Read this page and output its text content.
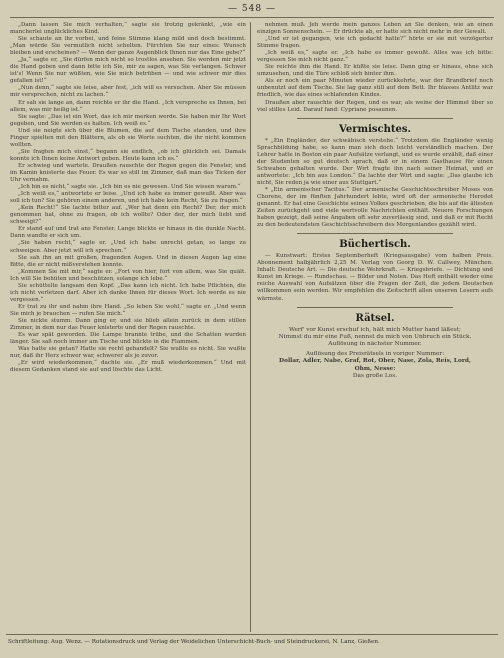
— 548 —

„Dann lassen Sie mich verhalten,“ sagte sie trotzig gekränkt, „wie ein mancherlei unglückliches Kind.

Sie schaute an ihr vorbei, und feine Stimme klang mild und doch bestimmt. „Man würde Sie vermutlich nicht schelten. Fürchten Sie nur eines: Wunsch bleiben und erscheinen? — Wenn der ganze Augenblick Ihnen nur das Eine gebe?“

„Ja,“ sagte er, „Sie dürfen mich nicht so trostlos ansehen. Sie werden mir jetzt die Hand geben und dann bitte ich Sie, mir zu sagen, was Sie verlangen. Schwer ist's! Wenn Sie nur wüßten, wie Sie mich betrüben — und wie schwer mir dies gefallen ist!“

„Nun denn,“ sagte sie leise, aber fest, „ich will es versuchen. Aber Sie müssen mir versprechen, nicht zu lachen.“

Er sah sie lange an, dann reichte er ihr die Hand. „Ich verspreche es Ihnen, bei allem, was mir heilig ist.“

Sie sagte: „Das ist ein Wort, das ich mir merken werde. Sie haben mir Ihr Wort gegeben, und Sie werden es halten. Ich weiß es.“

Und sie neigte sich über die Blumen, die auf dem Tische standen, und ihre Finger spielten mit den Blättern, als ob sie Worte suchten, die ihr nicht kommen wollten.

„Sie fragten mich einst,“ begann sie endlich, „ob ich glücklich sei. Damals konnte ich Ihnen keine Antwort geben. Heute kann ich es.“

Er schwieg und wartete. Draußen rauschte der Regen gegen die Fenster, und im Kamin knisterte das Feuer. Es war so still im Zimmer, daß man das Ticken der Uhr vernahm.

„Ich bin es nicht,“ sagte sie. „Ich bin es nie gewesen. Und Sie wissen warum.“

„Ich weiß es,“ antwortete er leise. „Und ich habe es immer gewußt. Aber was soll ich tun? Sie gehören einem anderen, und ich habe kein Recht, Sie zu fragen.“

„Kein Recht!“ Sie lachte bitter auf. „Wer hat denn ein Recht? Der, der mich genommen hat, ohne zu fragen, ob ich wollte? Oder der, der mich liebt und schweigt?“

Er stand auf und trat ans Fenster. Lange blickte er hinaus in die dunkle Nacht. Dann wandte er sich um.

„Sie haben recht,“ sagte er. „Und ich habe unrecht getan, so lange zu schweigen. Aber jetzt will ich sprechen.“

Sie sah ihn an mit großen, fragenden Augen. Und in diesen Augen lag eine Bitte, die er nicht mißverstehen konnte.

„Kommen Sie mit mir,“ sagte er. „Fort von hier, fort von allem, was Sie quält. Ich will Sie behüten und beschützen, solange ich lebe.“

Sie schüttelte langsam den Kopf. „Das kann ich nicht. Ich habe Pflichten, die ich nicht verletzen darf. Aber ich danke Ihnen für dieses Wort. Ich werde es nie vergessen.“

Er trat zu ihr und nahm ihre Hand. „So leben Sie wohl,“ sagte er. „Und wenn Sie mich je brauchen — rufen Sie mich.“

Sie nickte stumm. Dann ging er, und sie blieb allein zurück in dem stillen Zimmer, in dem nur das Feuer knisterte und der Regen rauschte.

Es war spät geworden. Die Lampe brannte trübe, und die Schatten wurden länger. Sie saß noch immer am Tische und blickte in die Flammen.

Was hatte sie getan? Hatte sie recht gehandelt? Sie wußte es nicht. Sie wußte nur, daß ihr Herz schwer war, schwerer als je zuvor.

„Er wird wiederkommen,“ dachte sie. „Er muß wiederkommen.“ Und mit diesem Gedanken stand sie auf und löschte das Licht.

nehmen muß. Jeh werde mein ganzes Leben an Sie denken, wie an einen einzigen Sonnenschein. — Er drückte ab, er hatte sich nicht mehr in der Gewalt.

„Und er ist gegangen, wie ich gedacht hatte?“ hörte er sie mit verzögerter Stimme fragen.

„Ich weiß es,“ sagte er. „Ich habe es immer gewußt. Alles was ich bitte: vergessen Sie mich nicht ganz.“

Sie reichte ihm die Hand. Er küßte sie leise. Dann ging er hinaus, ohne sich umzusehen, und die Türe schloß sich hinter ihm.

Als er noch ein paar Minuten wieder zurückkehrte, war der Brandbrief noch unbenutzt auf dem Tische. Sie lag ganz still auf dem Bett. Ihr blasses Antlitz war friedlich, wie das eines schlafenden Kindes.

Draußen aber rauschte der Regen, und es war, als weine der Himmel über so viel stilles Leid. Darauf fand: Cypriane posaunen.

Vermischtes.

* „Ein Engländer, der schwäbisch verstehe.“ Trotzdem die Engländer wenig Sprachbildung habe, so kann man sich doch leicht verständlich machen. Der Lehrer hatte in Boston ein paar Aufsätze verlangt, und es wurde erzählt, daß einer der Studenten so gut deutsch sprach, daß er in einem Gasthause für einen Schwaben gehalten wurde. Der Wirt fragte ihn nach seiner Heimat, und er antwortete: „Ich bin aus London.“ Da lachte der Wirt und sagte: „Das glaube ich nicht, Sie reden ja wie einer aus Stuttgart.“

* „Ein armenischer Tacitus.“ Der armenische Geschichtsschreiber Moses von Chorene, der im fünften Jahrhundert lebte, wird oft der armenische Herodot genannt. Er hat eine Geschichte seines Volkes geschrieben, die bis auf die ältesten Zeiten zurückgeht und viele wertvolle Nachrichten enthält. Neuere Forschungen haben gezeigt, daß seine Angaben oft sehr zuverlässig sind, und daß er mit Recht zu den bedeutendsten Geschichtsschreibern des Morgenlandes gezählt wird.

Büchertisch.

— Kunstwart: Erstes Septemberheft (Kriegsausgabe) vom halben Preis. Abonnement halbjährlich 2,25 M. Verlag von Georg D. W. Callwey, München. Inhalt: Deutsche Art. — Die deutsche Wehrkraft. — Kriegsbriefe. — Dichtung und Kunst im Kriege. — Rundschau. — Bilder und Noten. Das Heft enthält wieder eine reiche Auswahl von Aufsätzen über die Fragen der Zeit, die jedem Deutschen willkommen sein werden. Wir empfehlen die Zeitschrift allen unseren Lesern aufs wärmste.

Rätsel.
Werf' vor Kunst erschuf ich, hält mich Mutter hand läßest;
Nimmst du mir eine Fuß, nennst du mich von Unbruch ein Stück.
Auflösung in nächster Nummer.
Auflösung des Preisrätsels in voriger Nummer:
Dollar, Adler, Nabe, Graf, Rot, Ober, Nase, Zola, Reis, Lord,
Ohm, Nesse:
Das große Los.
Schriftleitung: Aug. Wenz. — Rotationsdruck und Verlag der Weidelichen Unterschicht-Buch- und Steindruckerei, N. Lanz, Gießen.
